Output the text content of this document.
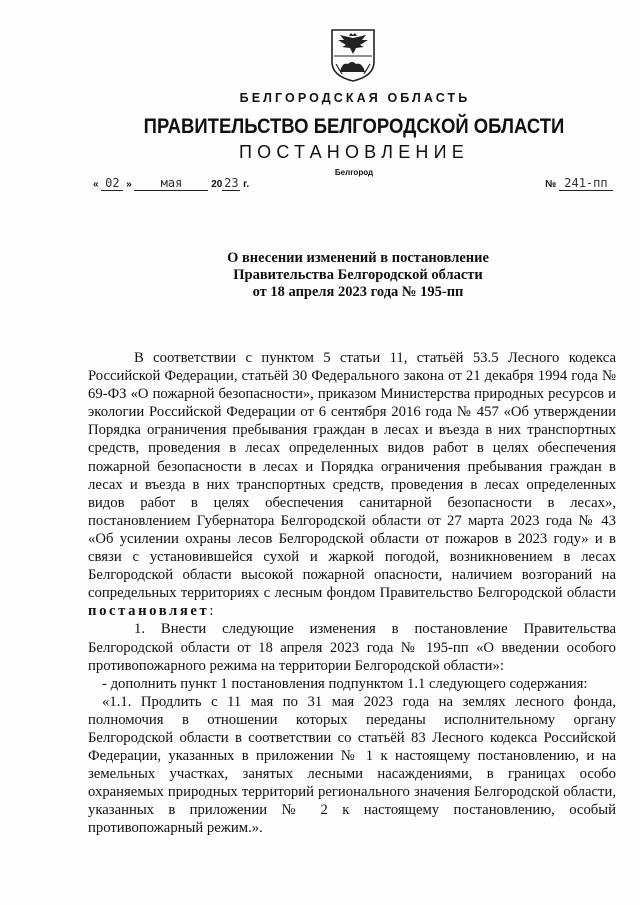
БЕЛГОРОДСКАЯ ОБЛАСТЬ
ПРАВИТЕЛЬСТВО БЕЛГОРОДСКОЙ ОБЛАСТИ
ПОСТАНОВЛЕНИЕ
Белгород
« 02 » мая	20 23 г.	№ 241-пп
О внесении изменений в постановление
Правительства Белгородской области
от 18 апреля 2023 года № 195-пп

В соответствии с пунктом 5 статьи 11, статьёй 53.5 Лесного кодекса Российской Федерации, статьёй 30 Федерального закона от 21 декабря 1994 года № 69-ФЗ «О пожарной безопасности», приказом Министерства природных ресурсов и экологии Российской Федерации от 6 сентября 2016 года № 457 «Об утверждении Порядка ограничения пребывания граждан в лесах и въезда в них транспортных средств, проведения в лесах определенных видов работ в целях обеспечения пожарной безопасности в лесах и Порядка ограничения пребывания граждан в лесах и въезда в них транспортных средств, проведения в лесах определенных видов работ в целях обеспечения санитарной безопасности в лесах», постановлением Губернатора Белгородской области от 27 марта 2023 года № 43 «Об усилении охраны лесов Белгородской области от пожаров в 2023 году» и в связи с установившейся сухой и жаркой погодой, возникновением в лесах Белгородской области высокой пожарной опасности, наличием возгораний на сопредельных территориях с лесным фондом Правительство Белгородской области постановляет:

1. Внести следующие изменения в постановление Правительства Белгородской области от 18 апреля 2023 года № 195-пп «О введении особого противопожарного режима на территории Белгородской области»:

- дополнить пункт 1 постановления подпунктом 1.1 следующего содержания:

«1.1. Продлить с 11 мая по 31 мая 2023 года на землях лесного фонда, полномочия в отношении которых переданы исполнительному органу Белгородской области в соответствии со статьёй 83 Лесного кодекса Российской Федерации, указанных в приложении № 1 к настоящему постановлению, и на земельных участках, занятых лесными насаждениями, в границах особо охраняемых природных территорий регионального значения Белгородской области, указанных в приложении № 2 к настоящему постановлению, особый противопожарный режим.».
